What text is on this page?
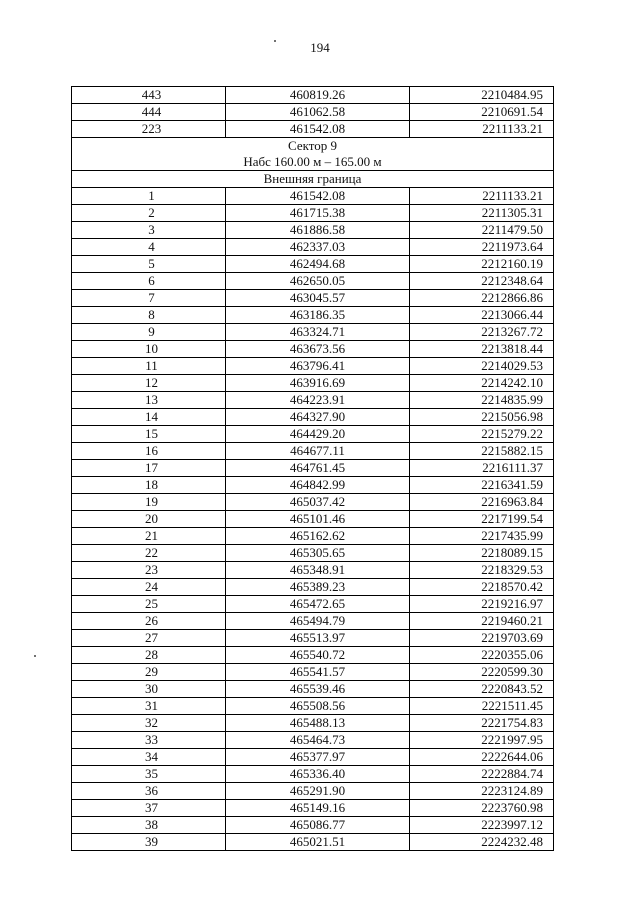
194
443	460819.26	2210484.95
444	461062.58	2210691.54
223	461542.08	2211133.21

Сектор 9
Набс 160.00 м – 165.00 м		

Внешняя граница		
1	461542.08	2211133.21
2	461715.38	2211305.31
3	461886.58	2211479.50
4	462337.03	2211973.64
5	462494.68	2212160.19
6	462650.05	2212348.64
7	463045.57	2212866.86
8	463186.35	2213066.44
9	463324.71	2213267.72
10	463673.56	2213818.44
11	463796.41	2214029.53
12	463916.69	2214242.10
13	464223.91	2214835.99
14	464327.90	2215056.98
15	464429.20	2215279.22
16	464677.11	2215882.15
17	464761.45	2216111.37
18	464842.99	2216341.59
19	465037.42	2216963.84
20	465101.46	2217199.54
21	465162.62	2217435.99
22	465305.65	2218089.15
23	465348.91	2218329.53
24	465389.23	2218570.42
25	465472.65	2219216.97
26	465494.79	2219460.21
27	465513.97	2219703.69
28	465540.72	2220355.06
29	465541.57	2220599.30
30	465539.46	2220843.52
31	465508.56	2221511.45
32	465488.13	2221754.83
33	465464.73	2221997.95
34	465377.97	2222644.06
35	465336.40	2222884.74
36	465291.90	2223124.89
37	465149.16	2223760.98
38	465086.77	2223997.12
39	465021.51	2224232.48
